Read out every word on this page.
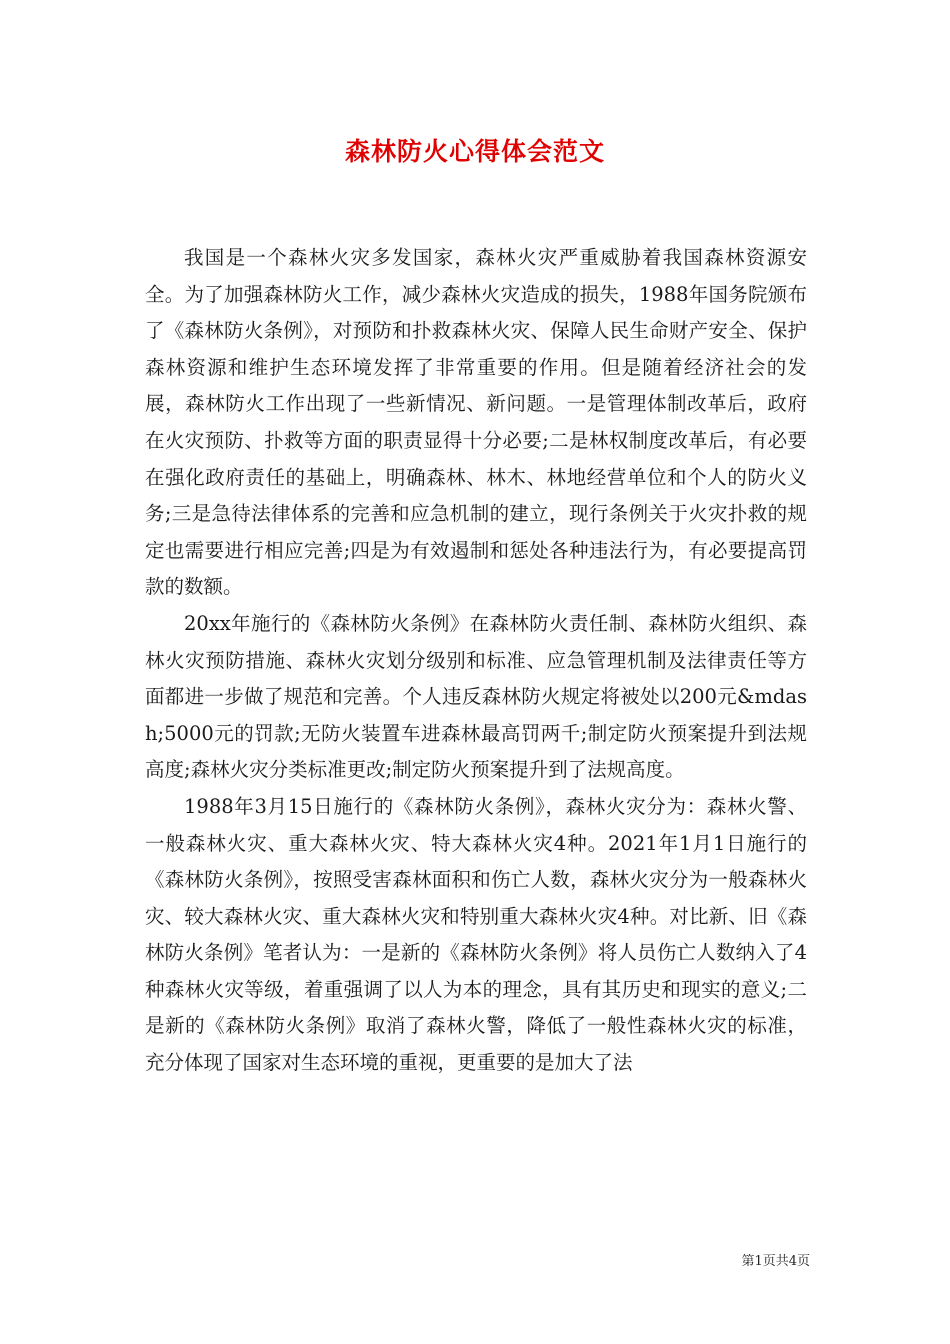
森林防火心得体会范文

我国是一个森林火灾多发国家，森林火灾严重威胁着我国森林资源安全。为了加强森林防火工作，减少森林火灾造成的损失，1988年国务院颁布了《森林防火条例》，对预防和扑救森林火灾、保障人民生命财产安全、保护森林资源和维护生态环境发挥了非常重要的作用。但是随着经济社会的发展，森林防火工作出现了一些新情况、新问题。一是管理体制改革后，政府在火灾预防、扑救等方面的职责显得十分必要;二是林权制度改革后，有必要在强化政府责任的基础上，明确森林、林木、林地经营单位和个人的防火义务;三是急待法律体系的完善和应急机制的建立，现行条例关于火灾扑救的规定也需要进行相应完善;四是为有效遏制和惩处各种违法行为，有必要提高罚款的数额。

20xx年施行的《森林防火条例》在森林防火责任制、森林防火组织、森林火灾预防措施、森林火灾划分级别和标准、应急管理机制及法律责任等方面都进一步做了规范和完善。个人违反森林防火规定将被处以200元&mdash;5000元的罚款;无防火装置车进森林最高罚两千;制定防火预案提升到法规高度;森林火灾分类标准更改;制定防火预案提升到了法规高度。

1988年3月15日施行的《森林防火条例》，森林火灾分为：森林火警、一般森林火灾、重大森林火灾、特大森林火灾4种。2021年1月1日施行的《森林防火条例》，按照受害森林面积和伤亡人数，森林火灾分为一般森林火灾、较大森林火灾、重大森林火灾和特别重大森林火灾4种。对比新、旧《森林防火条例》笔者认为：一是新的《森林防火条例》将人员伤亡人数纳入了4种森林火灾等级，着重强调了以人为本的理念，具有其历史和现实的意义;二是新的《森林防火条例》取消了森林火警，降低了一般性森林火灾的标准，充分体现了国家对生态环境的重视，更重要的是加大了法

第1页共4页
